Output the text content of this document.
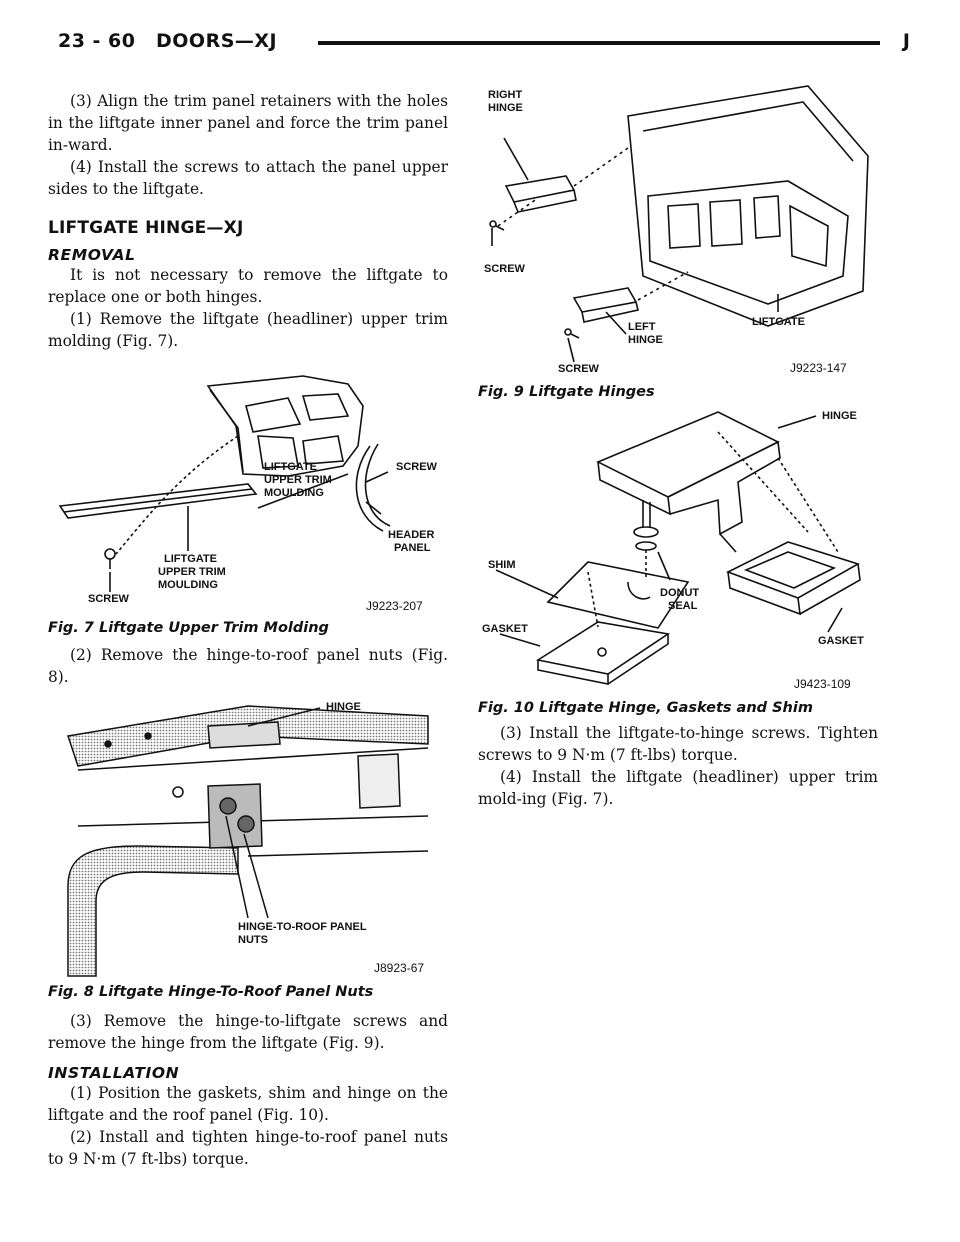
23 - 60 DOORS—XJ	J

(3) Align the trim panel retainers with the holes in the liftgate inner panel and force the trim panel in-ward.

(4) Install the screws to attach the panel upper sides to the liftgate.

LIFTGATE HINGE—XJ
REMOVAL

It is not necessary to remove the liftgate to replace one or both hinges.

(1) Remove the liftgate (headliner) upper trim molding (Fig. 7).

LIFTGATE
UPPER TRIM
MOULDING
SCREW
HEADER
PANEL
SCREW
LIFTGATE
UPPER TRIM
MOULDING
J9223-207

Fig. 7 Liftgate Upper Trim Molding

(2) Remove the hinge-to-roof panel nuts (Fig. 8).

HINGE
HINGE-TO-ROOF PANEL
NUTS
J8923-67

Fig. 8 Liftgate Hinge-To-Roof Panel Nuts

(3) Remove the hinge-to-liftgate screws and remove the hinge from the liftgate (Fig. 9).

INSTALLATION

(1) Position the gaskets, shim and hinge on the liftgate and the roof panel (Fig. 10).

(2) Install and tighten hinge-to-roof panel nuts to 9 N·m (7 ft-lbs) torque.

RIGHT
HINGE
SCREW
LEFT
HINGE
LIFTGATE
SCREW	J9223-147

Fig. 9 Liftgate Hinges

HINGE
SHIM
DONUT
SEAL
GASKET
GASKET
J9423-109

Fig. 10 Liftgate Hinge, Gaskets and Shim

(3) Install the liftgate-to-hinge screws. Tighten screws to 9 N·m (7 ft-lbs) torque.

(4) Install the liftgate (headliner) upper trim mold-ing (Fig. 7).
